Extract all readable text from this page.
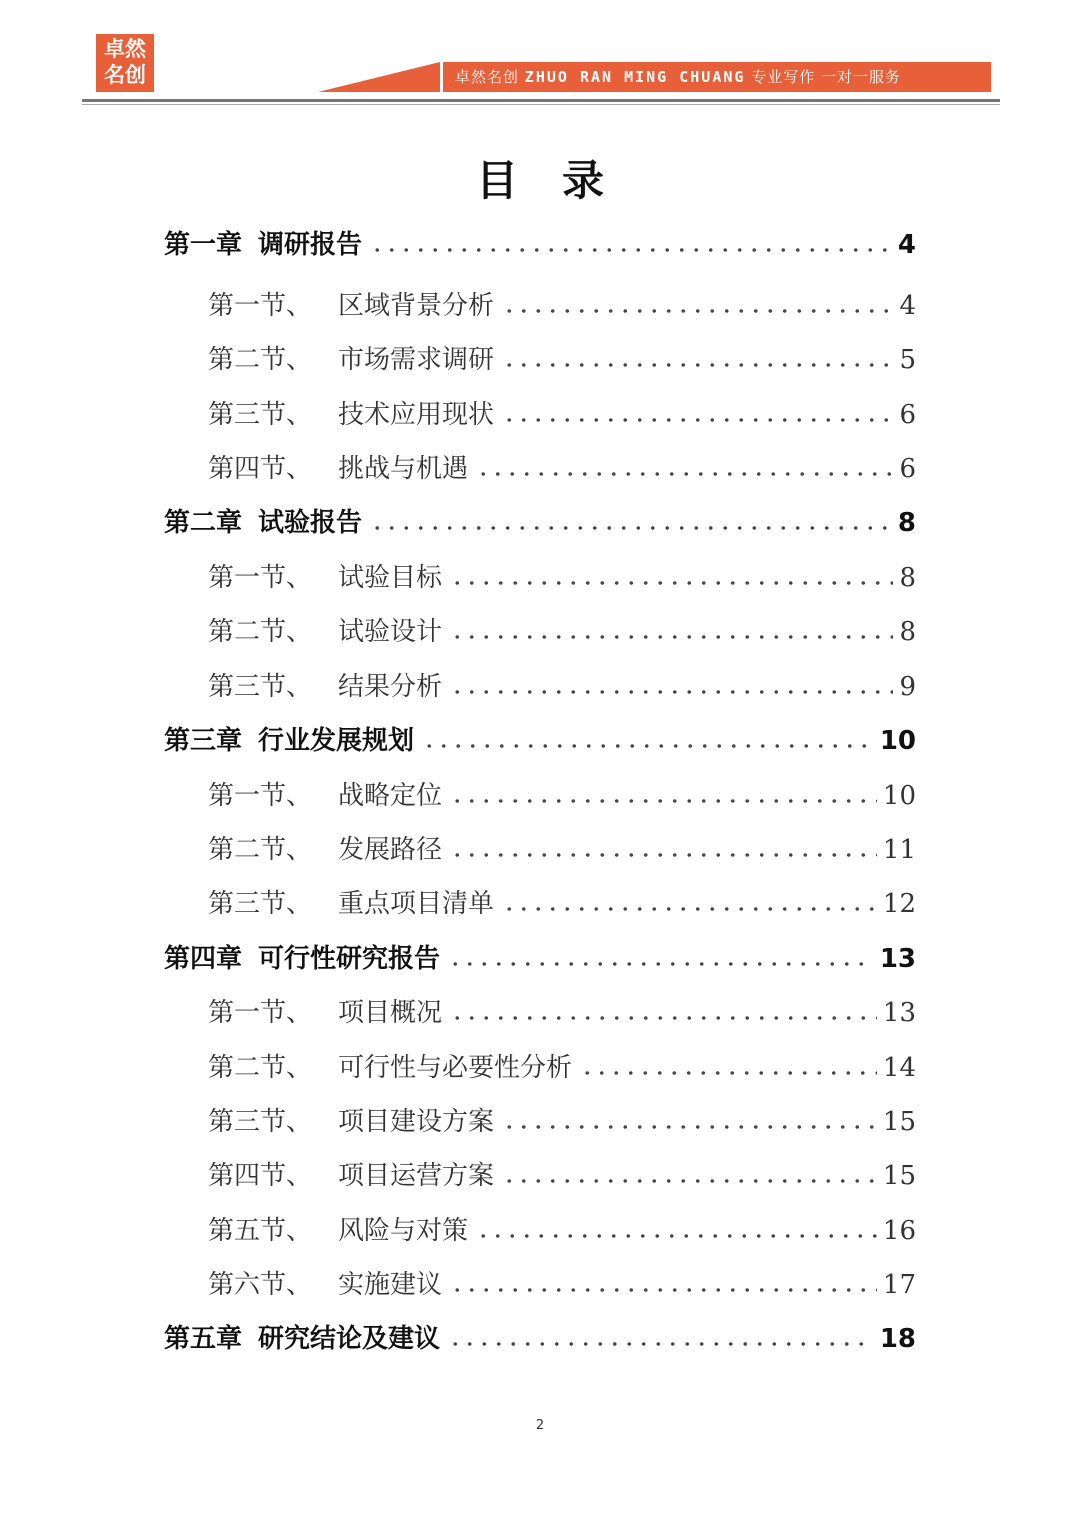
卓然
名创	卓然名创 ZHUO RAN MING CHUANG 专业写作 一对一服务
目录
第一章 调研报告	4
第一节、 区域背景分析	4
第二节、 市场需求调研	5
第三节、 技术应用现状	6
第四节、 挑战与机遇	6
第二章 试验报告	8
第一节、 试验目标	8
第二节、 试验设计	8
第三节、 结果分析	9
第三章 行业发展规划	10
第一节、 战略定位	10
第二节、 发展路径	11
第三节、 重点项目清单	12
第四章 可行性研究报告	13
第一节、 项目概况	13
第二节、 可行性与必要性分析	14
第三节、 项目建设方案	15
第四节、 项目运营方案	15
第五节、 风险与对策	16
第六节、 实施建议	17
第五章 研究结论及建议	18
2
